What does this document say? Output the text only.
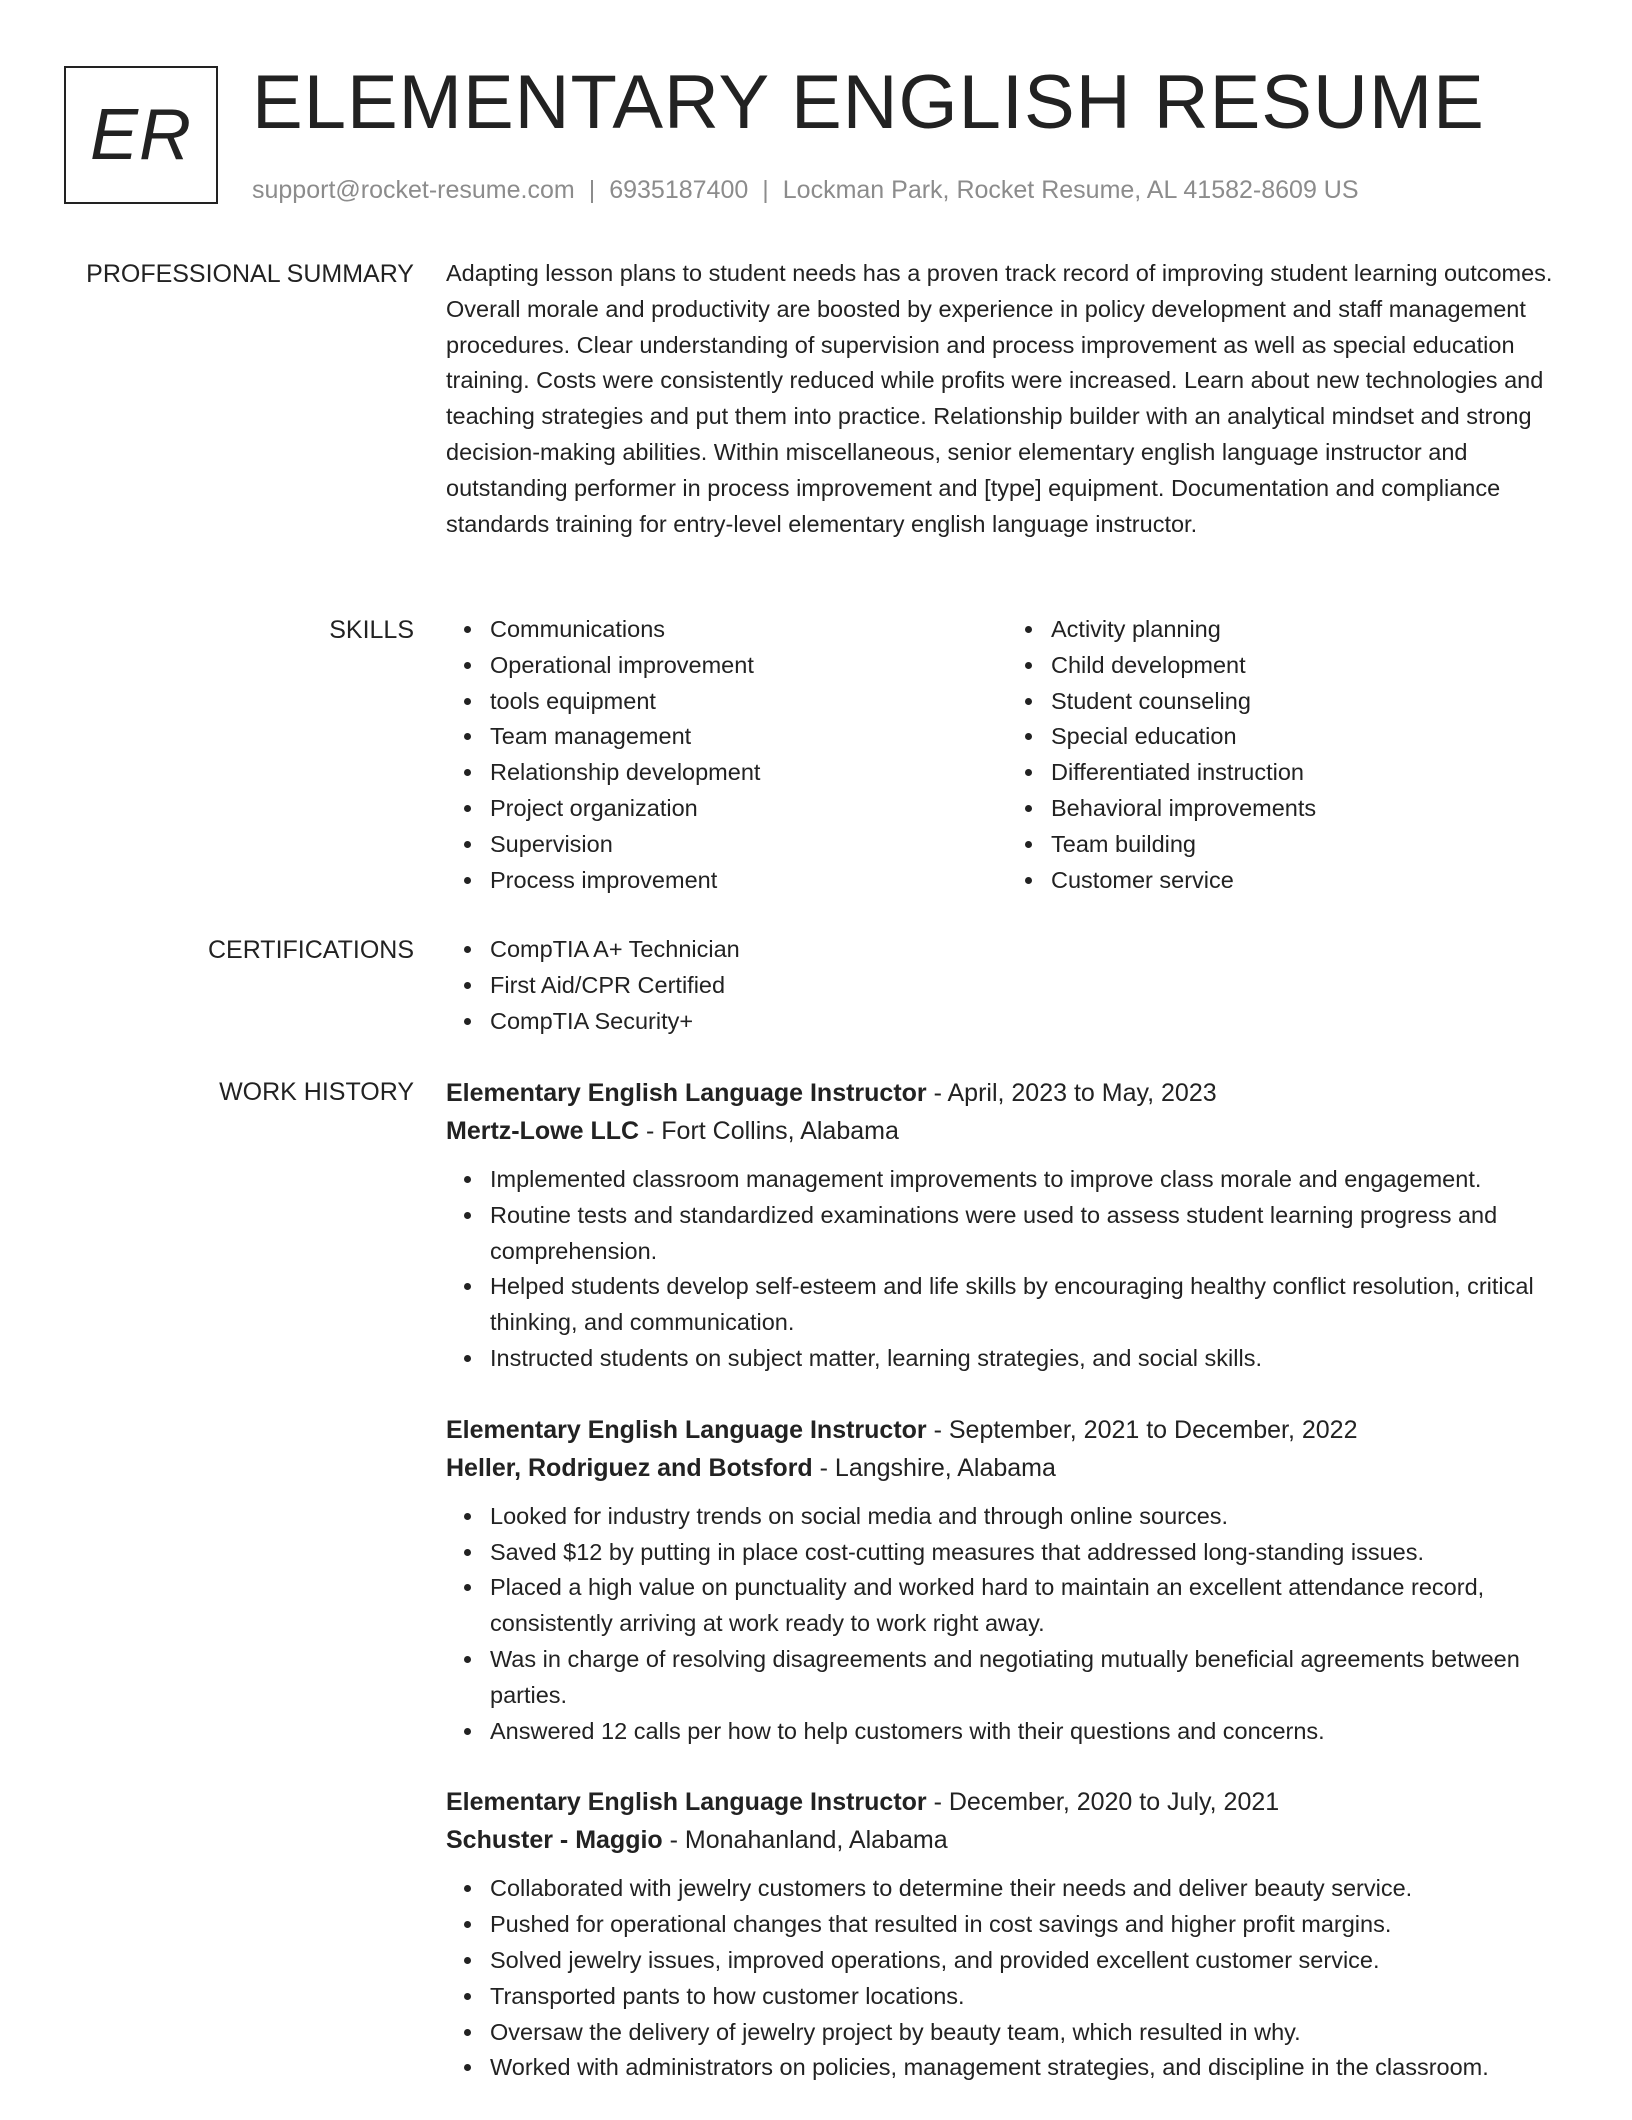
ER ELEMENTARY ENGLISH RESUME
support@rocket-resume.com | 6935187400 | Lockman Park, Rocket Resume, AL 41582-8609 US
PROFESSIONAL SUMMARY Adapting lesson plans to student needs has a proven track record of improving student learning outcomes. Overall morale and productivity are boosted by experience in policy development and staff management procedures. Clear understanding of supervision and process improvement as well as special education training. Costs were consistently reduced while profits were increased. Learn about new technologies and teaching strategies and put them into practice. Relationship builder with an analytical mindset and strong decision-making abilities. Within miscellaneous, senior elementary english language instructor and outstanding performer in process improvement and [type] equipment. Documentation and compliance standards training for entry-level elementary english language instructor.

SKILLS	Communications
Operational improvement
tools equipment
Team management
Relationship development
Project organization
Supervision
Process improvement
Activity planning
Child development
Student counseling
Special education
Differentiated instruction
Behavioral improvements
Team building
Customer service
CERTIFICATIONS	CompTIA A+ Technician
First Aid/CPR Certified
CompTIA Security+
WORK HISTORY Elementary English Language Instructor - April, 2023 to May, 2023
Mertz-Lowe LLC - Fort Collins, Alabama
Implemented classroom management improvements to improve class morale and engagement.
Routine tests and standardized examinations were used to assess student learning progress and comprehension.
Helped students develop self-esteem and life skills by encouraging healthy conflict resolution, critical thinking, and communication.
Instructed students on subject matter, learning strategies, and social skills.
Elementary English Language Instructor - September, 2021 to December, 2022
Heller, Rodriguez and Botsford - Langshire, Alabama
Looked for industry trends on social media and through online sources.
Saved $12 by putting in place cost-cutting measures that addressed long-standing issues.
Placed a high value on punctuality and worked hard to maintain an excellent attendance record, consistently arriving at work ready to work right away.
Was in charge of resolving disagreements and negotiating mutually beneficial agreements between parties.
Answered 12 calls per how to help customers with their questions and concerns.
Elementary English Language Instructor - December, 2020 to July, 2021
Schuster - Maggio - Monahanland, Alabama
Collaborated with jewelry customers to determine their needs and deliver beauty service.
Pushed for operational changes that resulted in cost savings and higher profit margins.
Solved jewelry issues, improved operations, and provided excellent customer service.
Transported pants to how customer locations.
Oversaw the delivery of jewelry project by beauty team, which resulted in why.
Worked with administrators on policies, management strategies, and discipline in the classroom.
